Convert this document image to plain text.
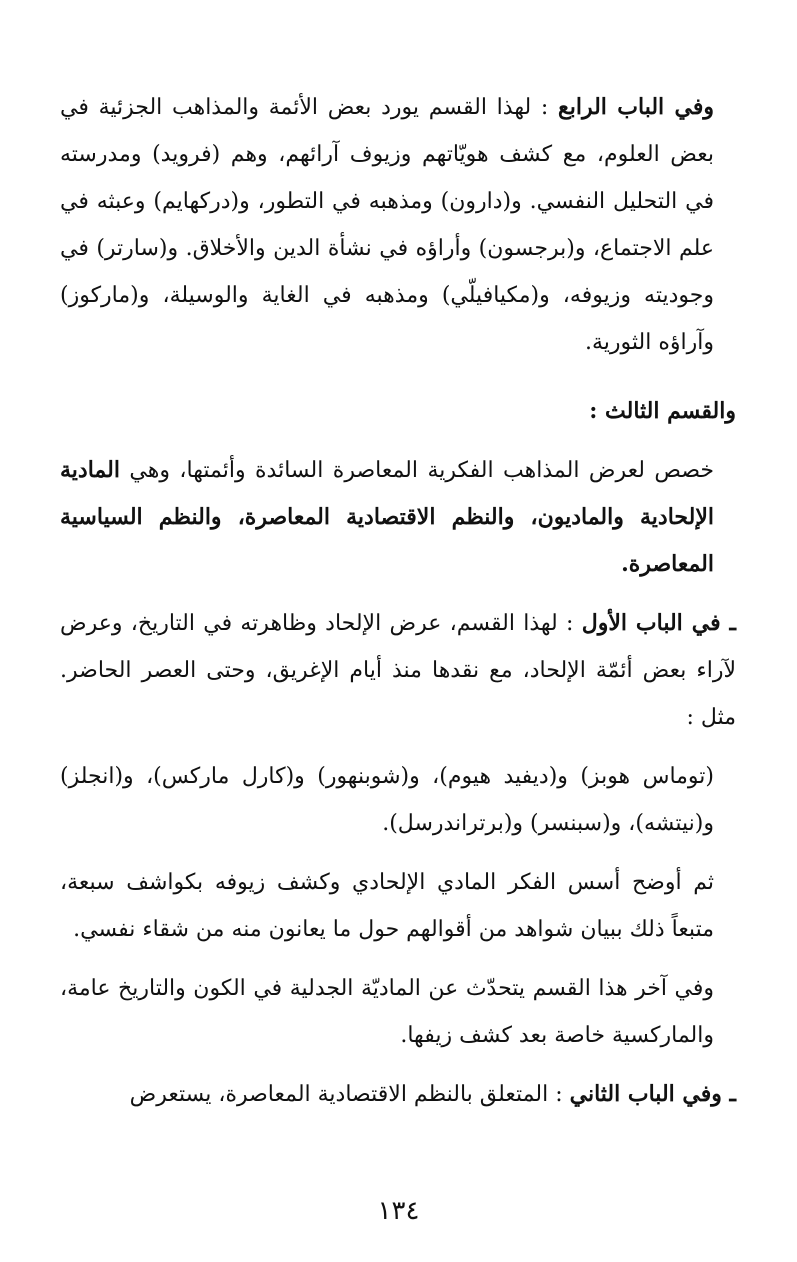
وفي الباب الرابع : لهذا القسم يورد بعض الأئمة والمذاهب الجزئية في بعض العلوم، مع كشف هويّاتهم وزيوف آرائهم، وهم (فرويد) ومدرسته في التحليل النفسي. و(دارون) ومذهبه في التطور، و(دركهايم) وعبثه في علم الاجتماع، و(برجسون) وأراؤه في نشأة الدين والأخلاق. و(سارتر) في وجوديته وزيوفه، و(مكيافيلّي) ومذهبه في الغاية والوسيلة، و(ماركوز) وآراؤه الثورية.

والقسم الثالث :

خصص لعرض المذاهب الفكرية المعاصرة السائدة وأئمتها، وهي المادية الإلحادية والماديون، والنظم الاقتصادية المعاصرة، والنظم السياسية المعاصرة.

ـ في الباب الأول : لهذا القسم، عرض الإلحاد وظاهرته في التاريخ، وعرض لآراء بعض أئمّة الإلحاد، مع نقدها منذ أيام الإغريق، وحتى العصر الحاضر. مثل :

(توماس هوبز) و(ديفيد هيوم)، و(شوبنهور) و(كارل ماركس)، و(انجلز) و(نيتشه)، و(سبنسر) و(برتراندرسل).

ثم أوضح أسس الفكر المادي الإلحادي وكشف زيوفه بكواشف سبعة، متبعاً ذلك ببيان شواهد من أقوالهم حول ما يعانون منه من شقاء نفسي.

وفي آخر هذا القسم يتحدّث عن الماديّة الجدلية في الكون والتاريخ عامة، والماركسية خاصة بعد كشف زيفها.

ـ وفي الباب الثاني : المتعلق بالنظم الاقتصادية المعاصرة، يستعرض

١٣٤
